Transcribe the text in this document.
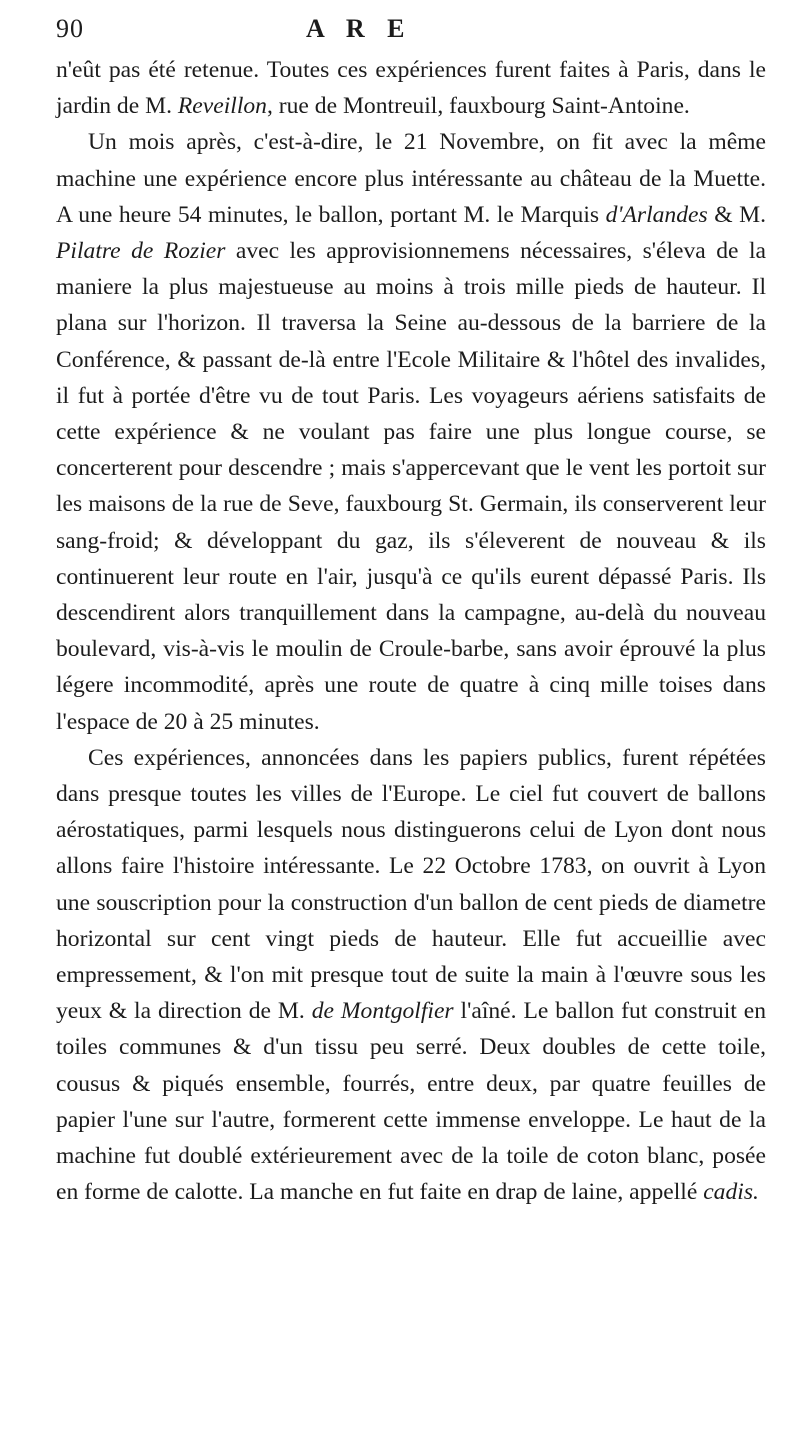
90	A R E

n'eût pas été retenue. Toutes ces expériences furent faites à Paris, dans le jardin de M. Reveillon, rue de Montreuil, fauxbourg Saint-Antoine.

Un mois après, c'est-à-dire, le 21 Novembre, on fit avec la même machine une expérience encore plus intéressante au château de la Muette. A une heure 54 minutes, le ballon, portant M. le Marquis d'Arlandes & M. Pilatre de Rozier avec les approvisionnemens nécessaires, s'éleva de la maniere la plus majestueuse au moins à trois mille pieds de hauteur. Il plana sur l'horizon. Il traversa la Seine au-dessous de la barriere de la Conférence, & passant de-là entre l'Ecole Militaire & l'hôtel des invalides, il fut à portée d'être vu de tout Paris. Les voyageurs aériens satisfaits de cette expérience & ne voulant pas faire une plus longue course, se concerterent pour descendre ; mais s'appercevant que le vent les portoit sur les maisons de la rue de Seve, fauxbourg St. Germain, ils conserverent leur sang-froid; & développant du gaz, ils s'éleverent de nouveau & ils continuerent leur route en l'air, jusqu'à ce qu'ils eurent dépassé Paris. Ils descendirent alors tranquillement dans la campagne, au-delà du nouveau boulevard, vis-à-vis le moulin de Croule-barbe, sans avoir éprouvé la plus légere incommodité, après une route de quatre à cinq mille toises dans l'espace de 20 à 25 minutes.

Ces expériences, annoncées dans les papiers publics, furent répétées dans presque toutes les villes de l'Europe. Le ciel fut couvert de ballons aérostatiques, parmi lesquels nous distinguerons celui de Lyon dont nous allons faire l'histoire intéressante. Le 22 Octobre 1783, on ouvrit à Lyon une souscription pour la construction d'un ballon de cent pieds de diametre horizontal sur cent vingt pieds de hauteur. Elle fut accueillie avec empressement, & l'on mit presque tout de suite la main à l'œuvre sous les yeux & la direction de M. de Montgolfier l'aîné. Le ballon fut construit en toiles communes & d'un tissu peu serré. Deux doubles de cette toile, cousus & piqués ensemble, fourrés, entre deux, par quatre feuilles de papier l'une sur l'autre, formerent cette immense enveloppe. Le haut de la machine fut doublé extérieurement avec de la toile de coton blanc, posée en forme de calotte. La manche en fut faite en drap de laine, appellé cadis.
